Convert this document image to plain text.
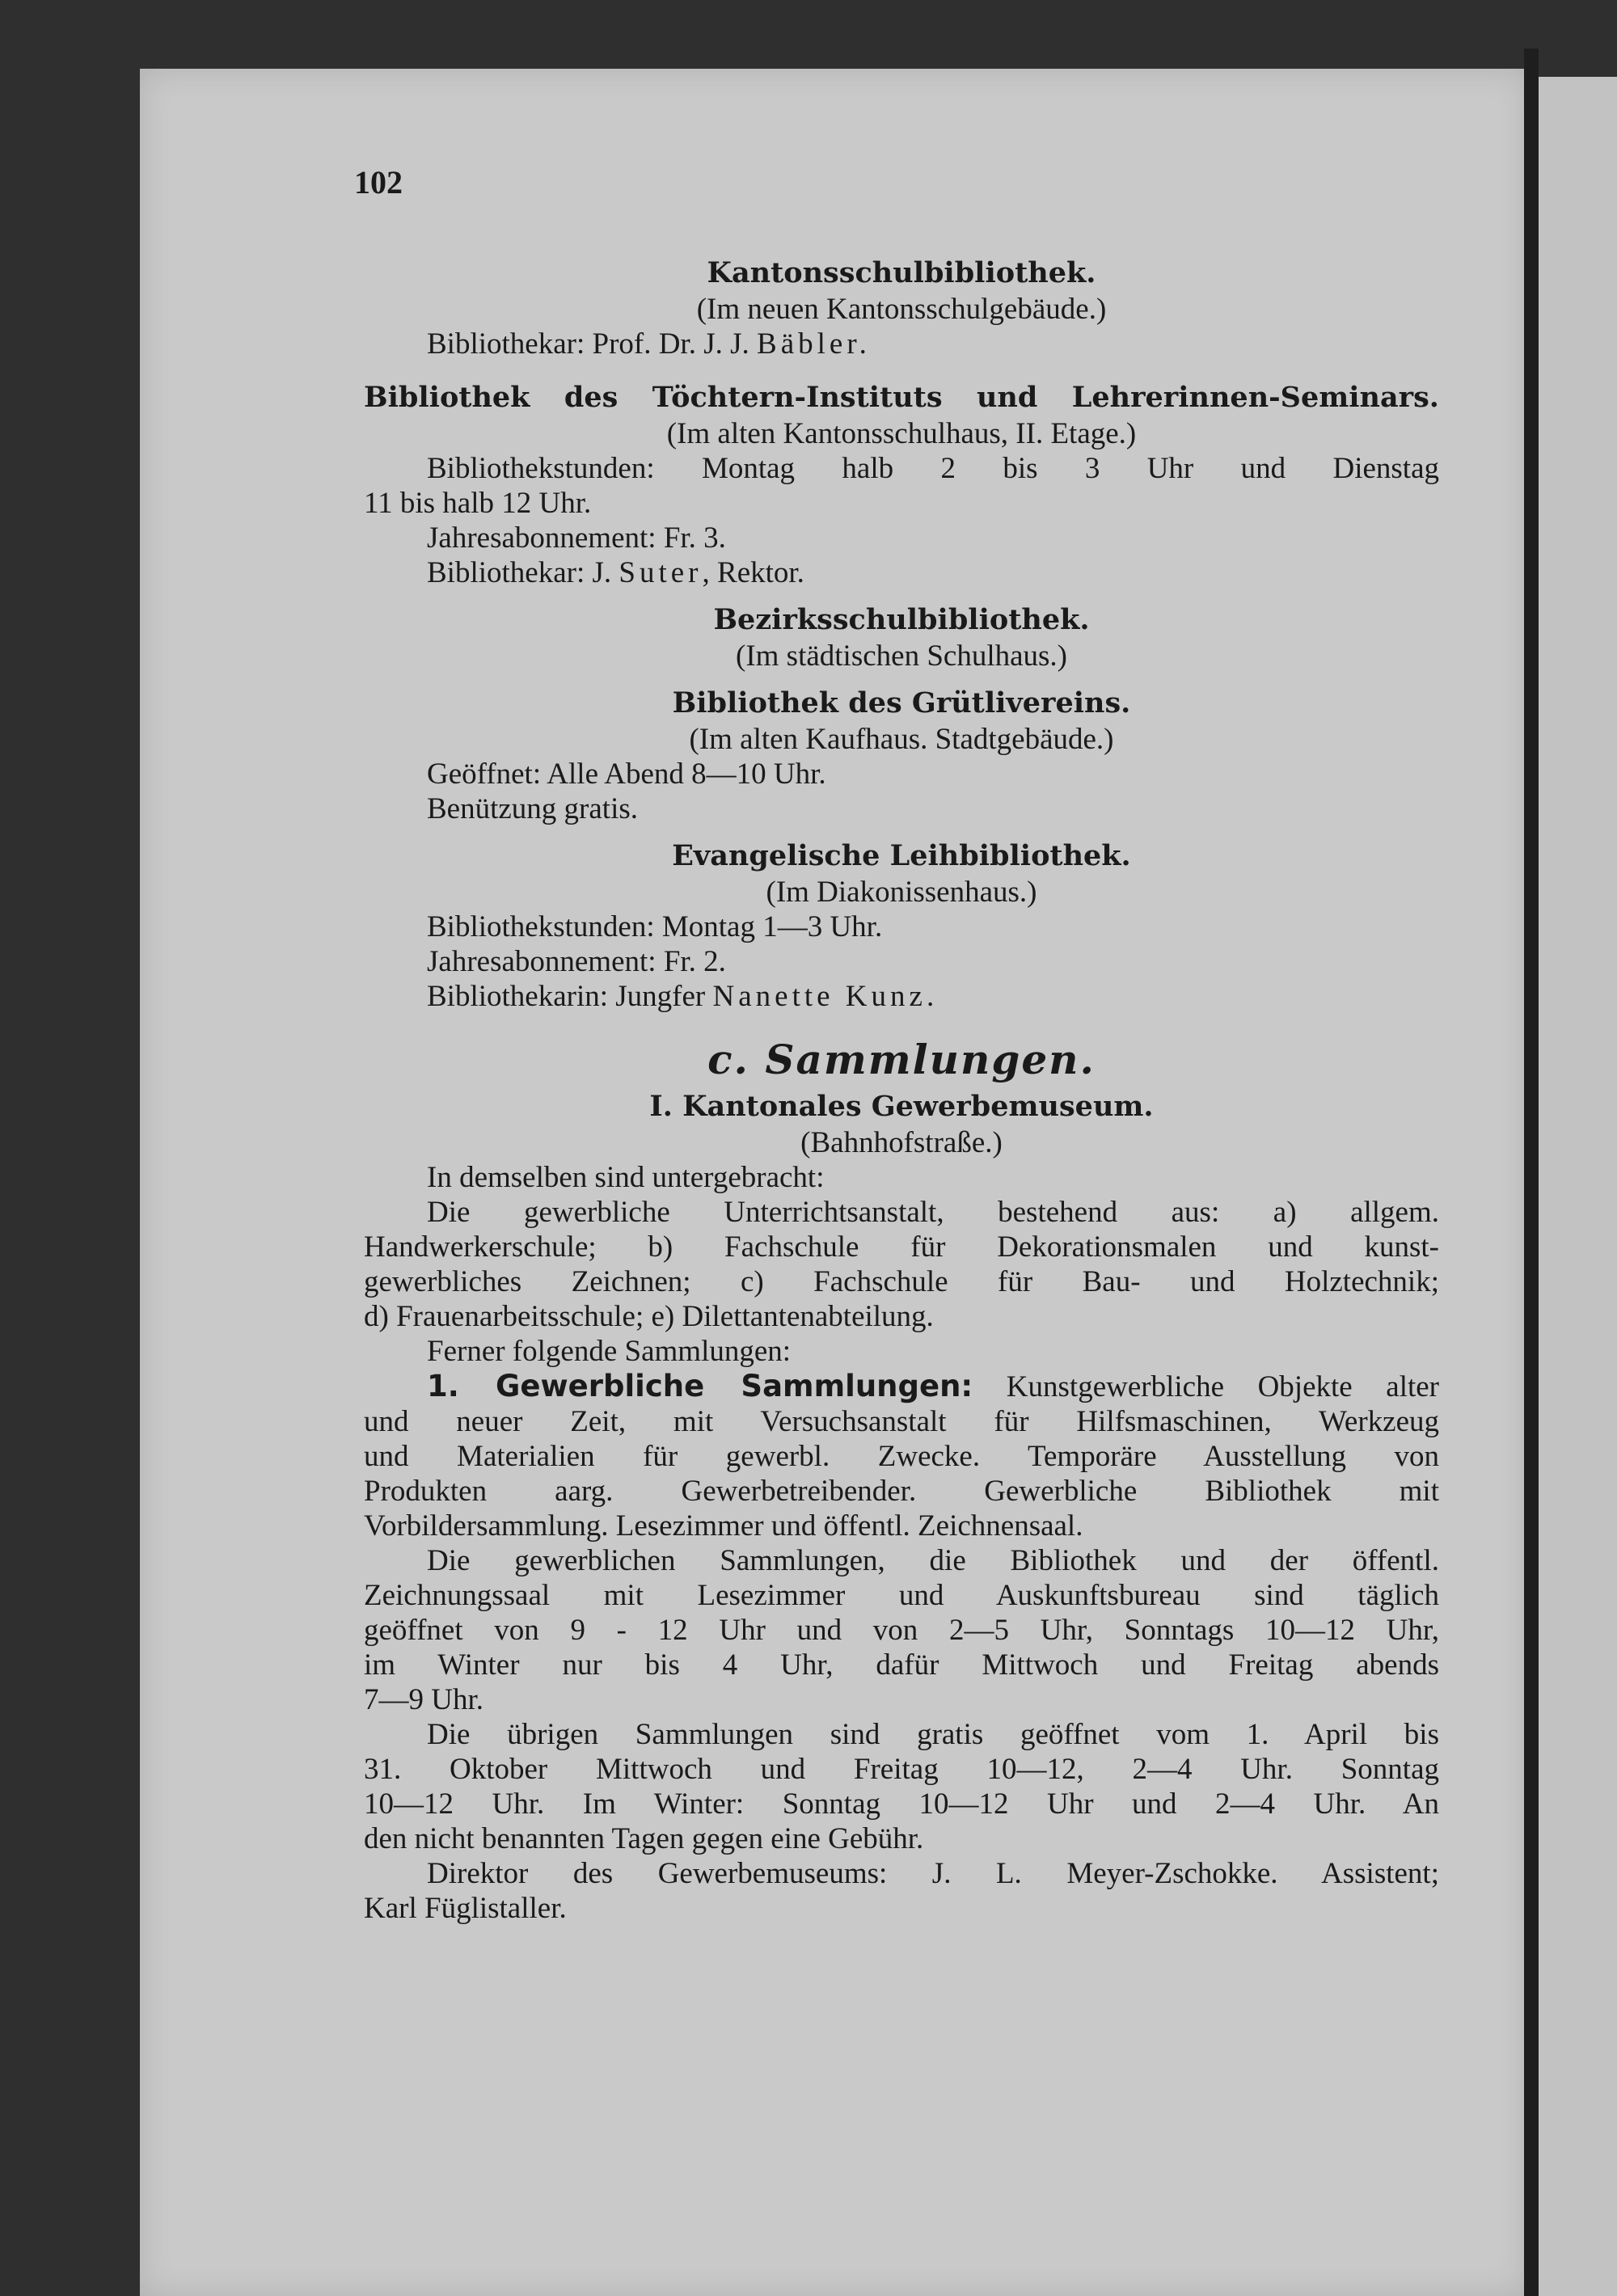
102
Kantonsschulbibliothek.
(Im neuen Kantonsschulgebäude.)
Bibliothekar: Prof. Dr. J. J. Bäbler.
Bibliothek des Töchtern-Instituts und Lehrerinnen-Seminars.
(Im alten Kantonsschulhaus, II. Etage.)
Bibliothekstunden: Montag halb 2 bis 3 Uhr und Dienstag
11 bis halb 12 Uhr.
Jahresabonnement: Fr. 3.
Bibliothekar: J. Suter, Rektor.
Bezirksschulbibliothek.
(Im städtischen Schulhaus.)
Bibliothek des Grütlivereins.
(Im alten Kaufhaus. Stadtgebäude.)
Geöffnet: Alle Abend 8—10 Uhr.
Benützung gratis.
Evangelische Leihbibliothek.
(Im Diakonissenhaus.)
Bibliothekstunden: Montag 1—3 Uhr.
Jahresabonnement: Fr. 2.
Bibliothekarin: Jungfer Nanette Kunz.
c. Sammlungen.
I. Kantonales Gewerbemuseum.
(Bahnhofstraße.)
In demselben sind untergebracht:
Die gewerbliche Unterrichtsanstalt, bestehend aus: a) allgem.
Handwerkerschule; b) Fachschule für Dekorationsmalen und kunst-
gewerbliches Zeichnen; c) Fachschule für Bau- und Holztechnik;
d) Frauenarbeitsschule; e) Dilettantenabteilung.
Ferner folgende Sammlungen:
1. Gewerbliche Sammlungen: Kunstgewerbliche Objekte alter
und neuer Zeit, mit Versuchsanstalt für Hilfsmaschinen, Werkzeug
und Materialien für gewerbl. Zwecke. Temporäre Ausstellung von
Produkten aarg. Gewerbetreibender. Gewerbliche Bibliothek mit
Vorbildersammlung. Lesezimmer und öffentl. Zeichnensaal.
Die gewerblichen Sammlungen, die Bibliothek und der öffentl.
Zeichnungssaal mit Lesezimmer und Auskunftsbureau sind täglich
geöffnet von 9 - 12 Uhr und von 2—5 Uhr, Sonntags 10—12 Uhr,
im Winter nur bis 4 Uhr, dafür Mittwoch und Freitag abends
7—9 Uhr.
Die übrigen Sammlungen sind gratis geöffnet vom 1. April bis
31. Oktober Mittwoch und Freitag 10—12, 2—4 Uhr. Sonntag
10—12 Uhr. Im Winter: Sonntag 10—12 Uhr und 2—4 Uhr. An
den nicht benannten Tagen gegen eine Gebühr.
Direktor des Gewerbemuseums: J. L. Meyer-Zschokke. Assistent;
Karl Füglistaller.
